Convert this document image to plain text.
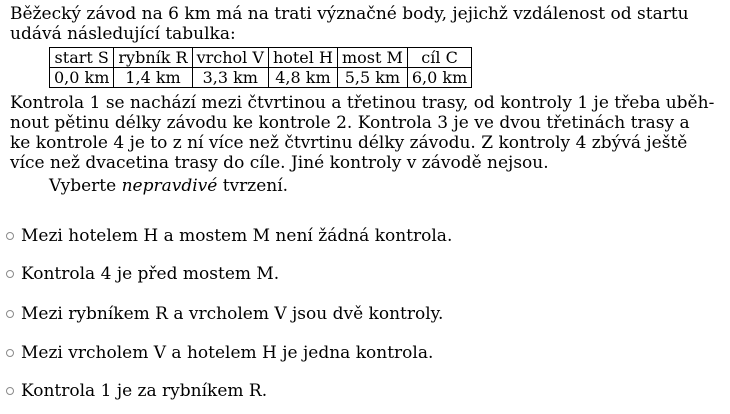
Běžecký závod na 6 km má na trati význačné body, jejichž vzdálenost od startu
udává následující tabulka:
start S	rybník R	vrchol V	hotel H	most M	cíl C
0,0 km	1,4 km	3,3 km	4,8 km	5,5 km	6,0 km
Kontrola 1 se nachází mezi čtvrtinou a třetinou trasy, od kontroly 1 je třeba uběh-
nout pětinu délky závodu ke kontrole 2. Kontrola 3 je ve dvou třetinách trasy a
ke kontrole 4 je to z ní více než čtvrtinu délky závodu. Z kontroly 4 zbývá ještě
více než dvacetina trasy do cíle. Jiné kontroly v závodě nejsou.
Vyberte nepravdivé tvrzení.
Mezi hotelem H a mostem M není žádná kontrola.
Kontrola 4 je před mostem M.
Mezi rybníkem R a vrcholem V jsou dvě kontroly.
Mezi vrcholem V a hotelem H je jedna kontrola.
Kontrola 1 je za rybníkem R.
